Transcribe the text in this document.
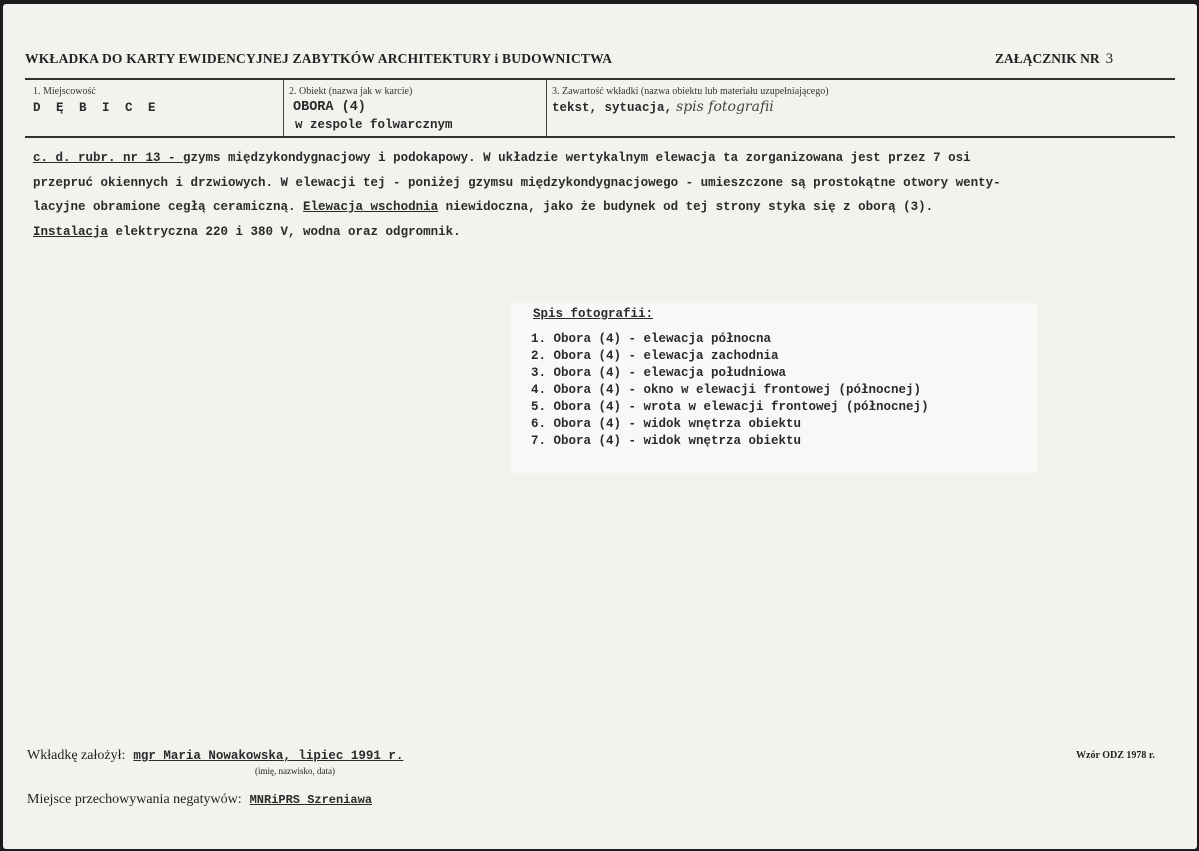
WKŁADKA DO KARTY EWIDENCYJNEJ ZABYTKÓW ARCHITEKTURY i BUDOWNICTWA	ZAŁĄCZNIK NR 3
1. Miejscowość
D Ę B I C E
2. Obiekt (nazwa jak w karcie)
OBORA (4)
w zespole folwarcznym
3. Zawartość wkładki (nazwa obiektu lub materiału uzupełniającego)
tekst, sytuacja, spis fotografii

c. d. rubr. nr 13 - gzyms międzykondygnacjowy i podokapowy. W układzie wertykalnym elewacja ta zorganizowana jest przez 7 osi

przepruć okiennych i drzwiowych. W elewacji tej - poniżej gzymsu międzykondygnacjowego - umieszczone są prostokątne otwory wenty-

lacyjne obramione cegłą ceramiczną. Elewacja wschodnia niewidoczna, jako że budynek od tej strony styka się z oborą (3).

Instalacja elektryczna 220 i 380 V, wodna oraz odgromnik.

Spis fotografii:
1. Obora (4) - elewacja północna
2. Obora (4) - elewacja zachodnia
3. Obora (4) - elewacja południowa
4. Obora (4) - okno w elewacji frontowej (północnej)
5. Obora (4) - wrota w elewacji frontowej (północnej)
6. Obora (4) - widok wnętrza obiektu
7. Obora (4) - widok wnętrza obiektu
Wkładkę założył: mgr Maria Nowakowska, lipiec 1991 r.
(imię, nazwisko, data)
Wzór ODZ 1978 r.
Miejsce przechowywania negatywów: MNRiPRS Szreniawa
